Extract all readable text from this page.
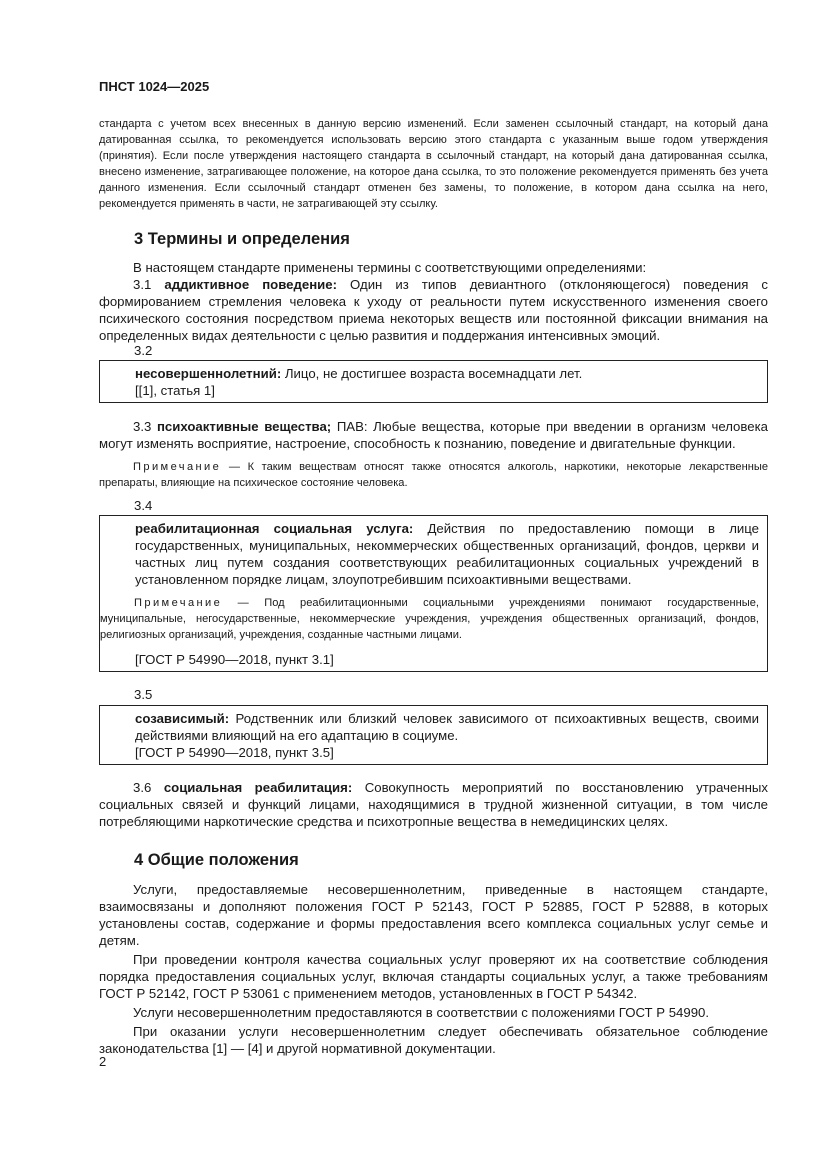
ПНСТ 1024—2025

стандарта с учетом всех внесенных в данную версию изменений. Если заменен ссылочный стандарт, на который дана датированная ссылка, то рекомендуется использовать версию этого стандарта с указанным выше годом утверждения (принятия). Если после утверждения настоящего стандарта в ссылочный стандарт, на который дана датированная ссылка, внесено изменение, затрагивающее положение, на которое дана ссылка, то это положение рекомендуется применять без учета данного изменения. Если ссылочный стандарт отменен без замены, то положение, в котором дана ссылка на него, рекомендуется применять в части, не затрагивающей эту ссылку.

3 Термины и определения

В настоящем стандарте применены термины с соответствующими определениями:

3.1 аддиктивное поведение: Один из типов девиантного (отклоняющегося) поведения с формированием стремления человека к уходу от реальности путем искусственного изменения своего психического состояния посредством приема некоторых веществ или постоянной фиксации внимания на определенных видах деятельности с целью развития и поддержания интенсивных эмоций.

3.2

несовершеннолетний: Лицо, не достигшее возраста восемнадцати лет.

[[1], статья 1]

3.3 психоактивные вещества; ПАВ: Любые вещества, которые при введении в организм человека могут изменять восприятие, настроение, способность к познанию, поведение и двигательные функции.

Примечание — К таким веществам относят также относятся алкоголь, наркотики, некоторые лекарственные препараты, влияющие на психическое состояние человека.

3.4

реабилитационная социальная услуга: Действия по предоставлению помощи в лице государственных, муниципальных, некоммерческих общественных организаций, фондов, церкви и частных лиц путем создания соответствующих реабилитационных социальных учреждений в установленном порядке лицам, злоупотребившим психоактивными веществами.

Примечание — Под реабилитационными социальными учреждениями понимают государственные, муниципальные, негосударственные, некоммерческие учреждения, учреждения общественных организаций, фондов, религиозных организаций, учреждения, созданные частными лицами.

[ГОСТ Р 54990—2018, пункт 3.1]

3.5

созависимый: Родственник или близкий человек зависимого от психоактивных веществ, своими действиями влияющий на его адаптацию в социуме.

[ГОСТ Р 54990—2018, пункт 3.5]

3.6 социальная реабилитация: Совокупность мероприятий по восстановлению утраченных социальных связей и функций лицами, находящимися в трудной жизненной ситуации, в том числе потребляющими наркотические средства и психотропные вещества в немедицинских целях.

4 Общие положения

Услуги, предоставляемые несовершеннолетним, приведенные в настоящем стандарте, взаимосвязаны и дополняют положения ГОСТ Р 52143, ГОСТ Р 52885, ГОСТ Р 52888, в которых установлены состав, содержание и формы предоставления всего комплекса социальных услуг семье и детям.

При проведении контроля качества социальных услуг проверяют их на соответствие соблюдения порядка предоставления социальных услуг, включая стандарты социальных услуг, а также требованиям ГОСТ Р 52142, ГОСТ Р 53061 с применением методов, установленных в ГОСТ Р 54342.

Услуги несовершеннолетним предоставляются в соответствии с положениями ГОСТ Р 54990.

При оказании услуги несовершеннолетним следует обеспечивать обязательное соблюдение законодательства [1] — [4] и другой нормативной документации.

2
